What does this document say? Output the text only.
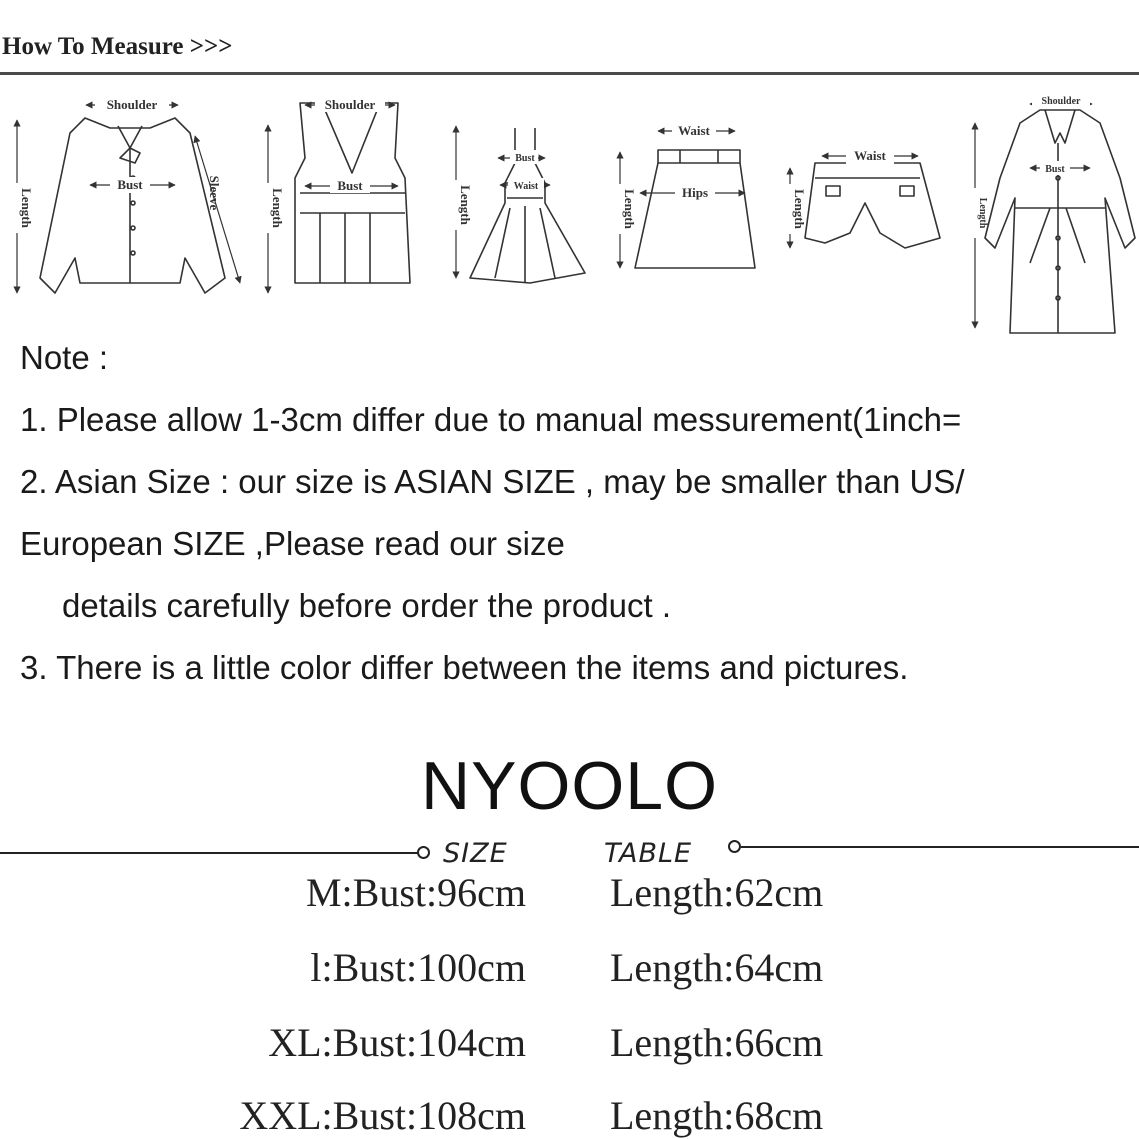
How To Measure >>>
Shoulder
Bust
Length	Sleeve
Shoulder
Bust
Length
Bust
Waist
Length
Waist
Hips
Length
Waist
Length
Shoulder
Bust
Length
Note :
1. Please allow 1-3cm differ due to manual messurement(1inch=
2. Asian Size : our size is ASIAN SIZE , may be smaller than US/
European SIZE ,Please read our size
details carefully before order the product .
3. There is a little color differ between the items and pictures.
NYOOLO
SIZE	TABLE
M:Bust:96cm Length:62cm
l:Bust:100cm Length:64cm
XL:Bust:104cm Length:66cm
XXL:Bust:108cm Length:68cm
